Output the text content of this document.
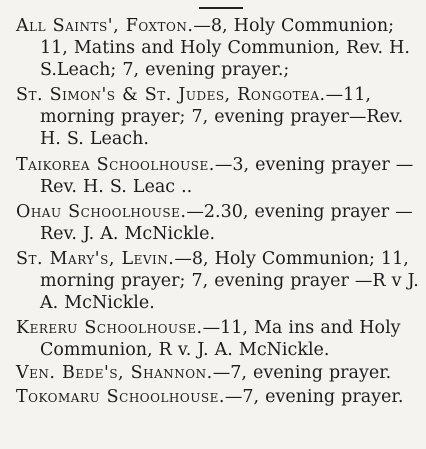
All Saints', Foxton.—8, Holy Communion; 11, Matins and Holy Communion, Rev. H. S.Leach; 7, evening prayer.;
St. Simon's & St. Judes, Rongotea.—11, morning prayer; 7, evening prayer—Rev. H. S. Leach.
Taikorea Schoolhouse.—3, evening prayer —Rev. H. S. Leac ..
Ohau Schoolhouse.—2.30, evening prayer —Rev. J. A. McNickle.
St. Mary's, Levin.—8, Holy Communion; 11, morning prayer; 7, evening prayer —R v J. A. McNickle.
Kereru Schoolhouse.—11, Ma ins and Holy Communion, R v. J. A. McNickle.
Ven. Bede's, Shannon.—7, evening prayer.
Tokomaru Schoolhouse.—7, evening prayer.
